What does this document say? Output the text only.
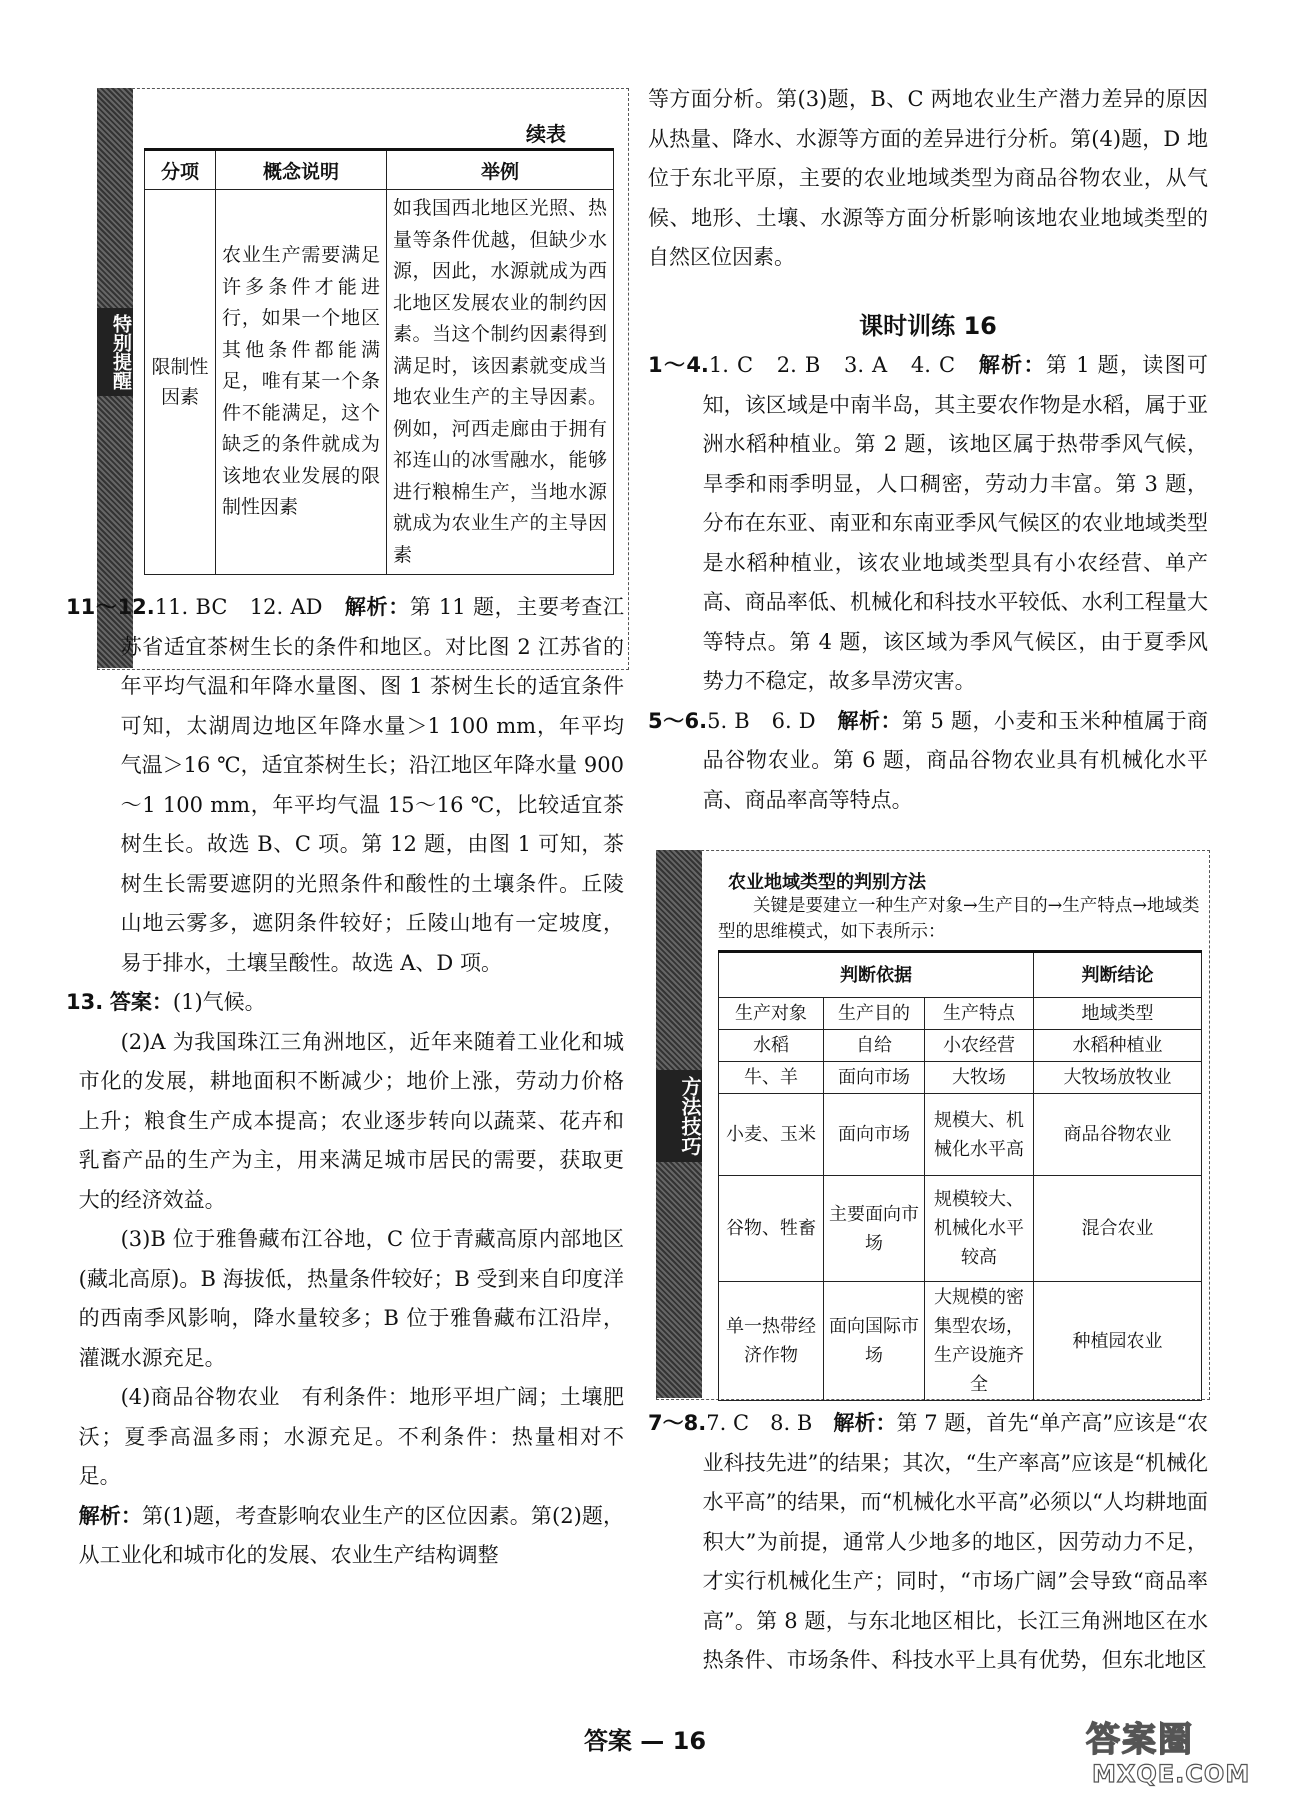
特别提醒
续表
分项	概念说明	举例
限制性因素	农业生产需要满足许多条件才能进行，如果一个地区其他条件都能满足，唯有某一个条件不能满足，这个缺乏的条件就成为该地农业发展的限制性因素	如我国西北地区光照、热量等条件优越，但缺少水源，因此，水源就成为西北地区发展农业的制约因素。当这个制约因素得到满足时，该因素就变成当地农业生产的主导因素。例如，河西走廊由于拥有祁连山的冰雪融水，能够进行粮棉生产，当地水源就成为农业生产的主导因素

11～12.11. BC　12. AD　解析：第 11 题，主要考查江苏省适宜茶树生长的条件和地区。对比图 2 江苏省的年平均气温和年降水量图、图 1 茶树生长的适宜条件可知，太湖周边地区年降水量＞1 100 mm，年平均气温＞16 ℃，适宜茶树生长；沿江地区年降水量 900～1 100 mm，年平均气温 15～16 ℃，比较适宜茶树生长。故选 B、C 项。第 12 题，由图 1 可知，茶树生长需要遮阴的光照条件和酸性的土壤条件。丘陵山地云雾多，遮阴条件较好；丘陵山地有一定坡度，易于排水，土壤呈酸性。故选 A、D 项。

13. 答案：(1)气候。

(2)A 为我国珠江三角洲地区，近年来随着工业化和城市化的发展，耕地面积不断减少；地价上涨，劳动力价格上升；粮食生产成本提高；农业逐步转向以蔬菜、花卉和乳畜产品的生产为主，用来满足城市居民的需要，获取更大的经济效益。

(3)B 位于雅鲁藏布江谷地，C 位于青藏高原内部地区(藏北高原)。B 海拔低，热量条件较好；B 受到来自印度洋的西南季风影响，降水量较多；B 位于雅鲁藏布江沿岸，灌溉水源充足。

(4)商品谷物农业　有利条件：地形平坦广阔；土壤肥沃；夏季高温多雨；水源充足。不利条件：热量相对不足。

解析：第(1)题，考查影响农业生产的区位因素。第(2)题，从工业化和城市化的发展、农业生产结构调整

等方面分析。第(3)题，B、C 两地农业生产潜力差异的原因从热量、降水、水源等方面的差异进行分析。第(4)题，D 地位于东北平原，主要的农业地域类型为商品谷物农业，从气候、地形、土壤、水源等方面分析影响该地农业地域类型的自然区位因素。

课时训练 16

1～4.1. C　2. B　3. A　4. C　解析：第 1 题，读图可知，该区域是中南半岛，其主要农作物是水稻，属于亚洲水稻种植业。第 2 题，该地区属于热带季风气候，旱季和雨季明显，人口稠密，劳动力丰富。第 3 题，分布在东亚、南亚和东南亚季风气候区的农业地域类型是水稻种植业，该农业地域类型具有小农经营、单产高、商品率低、机械化和科技水平较低、水利工程量大等特点。第 4 题，该区域为季风气候区，由于夏季风势力不稳定，故多旱涝灾害。

5～6.5. B　6. D　解析：第 5 题，小麦和玉米种植属于商品谷物农业。第 6 题，商品谷物农业具有机械化水平高、商品率高等特点。

方法技巧
农业地域类型的判别方法

关键是要建立一种生产对象→生产目的→生产特点→地域类型的思维模式，如下表所示：

判断依据			判断结论
生产对象	生产目的	生产特点	地域类型
水稻	自给	小农经营	水稻种植业
牛、羊	面向市场	大牧场	大牧场放牧业
小麦、玉米	面向市场	规模大、机械化水平高	商品谷物农业
谷物、牲畜	主要面向市场	规模较大、机械化水平较高	混合农业
单一热带经济作物	面向国际市场	大规模的密集型农场，生产设施齐全	种植园农业

7～8.7. C　8. B　解析：第 7 题，首先“单产高”应该是“农业科技先进”的结果；其次，“生产率高”应该是“机械化水平高”的结果，而“机械化水平高”必须以“人均耕地面积大”为前提，通常人少地多的地区，因劳动力不足，才实行机械化生产；同时，“市场广阔”会导致“商品率高”。第 8 题，与东北地区相比，长江三角洲地区在水热条件、市场条件、科技水平上具有优势，但东北地区

答案 — 16	答案圈
MXQE.COM
